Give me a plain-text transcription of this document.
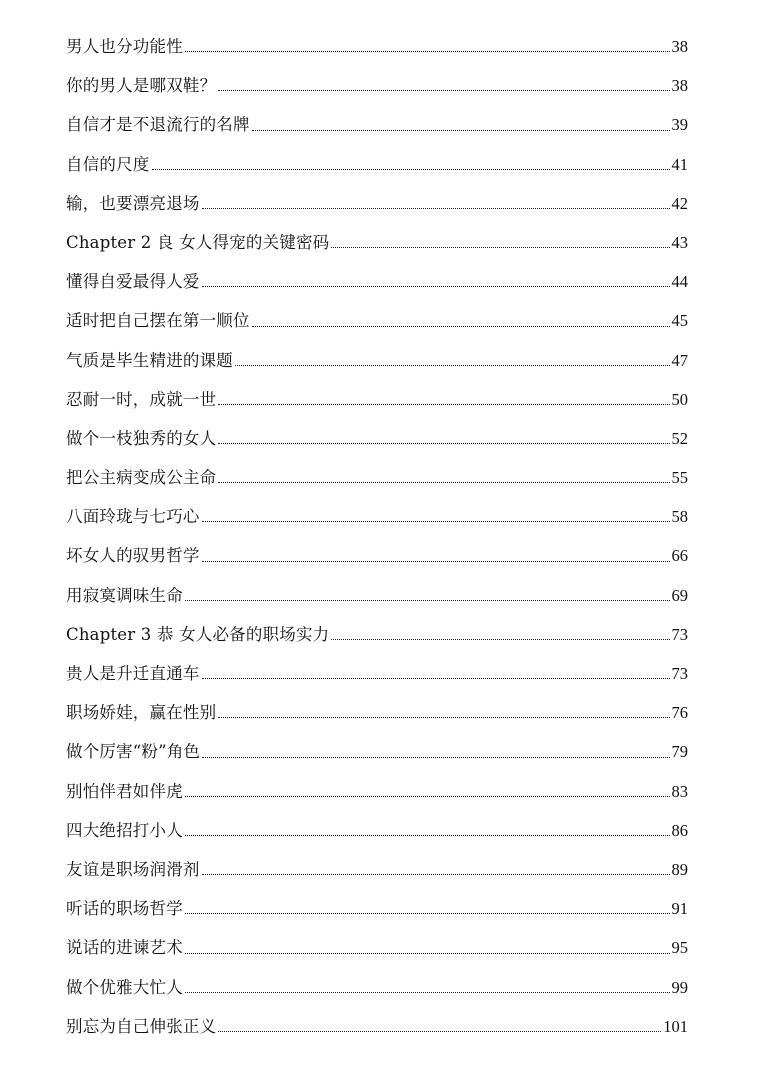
男人也分功能性	38
你的男人是哪双鞋？	38
自信才是不退流行的名牌	39
自信的尺度	41
输，也要漂亮退场	42
Chapter 2 良 女人得宠的关键密码	43
懂得自爱最得人爱	44
适时把自己摆在第一顺位	45
气质是毕生精进的课题	47
忍耐一时，成就一世	50
做个一枝独秀的女人	52
把公主病变成公主命	55
八面玲珑与七巧心	58
坏女人的驭男哲学	66
用寂寞调味生命	69
Chapter 3 恭 女人必备的职场实力	73
贵人是升迁直通车	73
职场娇娃，赢在性别	76
做个厉害“粉”角色	79
别怕伴君如伴虎	83
四大绝招打小人	86
友谊是职场润滑剂	89
听话的职场哲学	91
说话的进谏艺术	95
做个优雅大忙人	99
别忘为自己伸张正义	101
